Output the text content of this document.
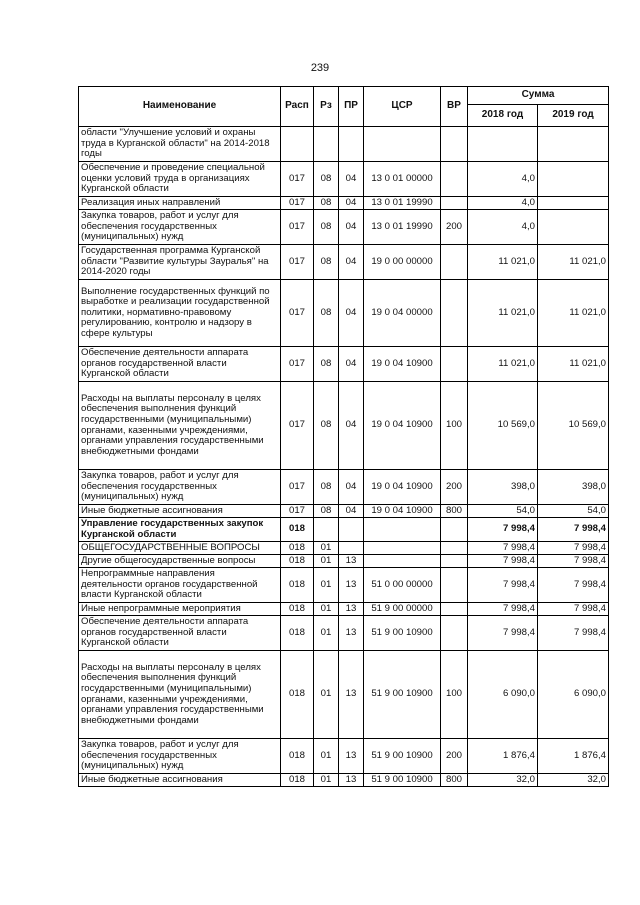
239
Наименование	Расп	Рз	ПР	ЦСР	ВР	Сумма	
						2018 год	2019 год
области "Улучшение условий и охраны труда в Курганской области" на 2014-2018 годы							
Обеспечение и проведение специальной оценки условий труда в организациях Курганской области	017	08	04	13 0 01 00000		4,0	
Реализация иных направлений	017	08	04	13 0 01 19990		4,0	
Закупка товаров, работ и услуг для обеспечения государственных (муниципальных) нужд	017	08	04	13 0 01 19990	200	4,0	
Государственная программа Курганской области "Развитие культуры Зауралья" на 2014-2020 годы	017	08	04	19 0 00 00000		11 021,0	11 021,0
Выполнение государственных функций по выработке и реализации государственной политики, нормативно-правовому регулированию, контролю и надзору в сфере культуры	017	08	04	19 0 04 00000		11 021,0	11 021,0
Обеспечение деятельности аппарата органов государственной власти Курганской области	017	08	04	19 0 04 10900		11 021,0	11 021,0
Расходы на выплаты персоналу в целях обеспечения выполнения функций государственными (муниципальными) органами, казенными учреждениями, органами управления государственными внебюджетными фондами	017	08	04	19 0 04 10900	100	10 569,0	10 569,0
Закупка товаров, работ и услуг для обеспечения государственных (муниципальных) нужд	017	08	04	19 0 04 10900	200	398,0	398,0
Иные бюджетные ассигнования	017	08	04	19 0 04 10900	800	54,0	54,0
Управление государственных закупок Курганской области	018					7 998,4	7 998,4
ОБЩЕГОСУДАРСТВЕННЫЕ ВОПРОСЫ	018	01				7 998,4	7 998,4
Другие общегосударственные вопросы	018	01	13			7 998,4	7 998,4
Непрограммные направления деятельности органов государственной власти Курганской области	018	01	13	51 0 00 00000		7 998,4	7 998,4
Иные непрограммные мероприятия	018	01	13	51 9 00 00000		7 998,4	7 998,4
Обеспечение деятельности аппарата органов государственной власти Курганской области	018	01	13	51 9 00 10900		7 998,4	7 998,4
Расходы на выплаты персоналу в целях обеспечения выполнения функций государственными (муниципальными) органами, казенными учреждениями, органами управления государственными внебюджетными фондами	018	01	13	51 9 00 10900	100	6 090,0	6 090,0
Закупка товаров, работ и услуг для обеспечения государственных (муниципальных) нужд	018	01	13	51 9 00 10900	200	1 876,4	1 876,4
Иные бюджетные ассигнования	018	01	13	51 9 00 10900	800	32,0	32,0
